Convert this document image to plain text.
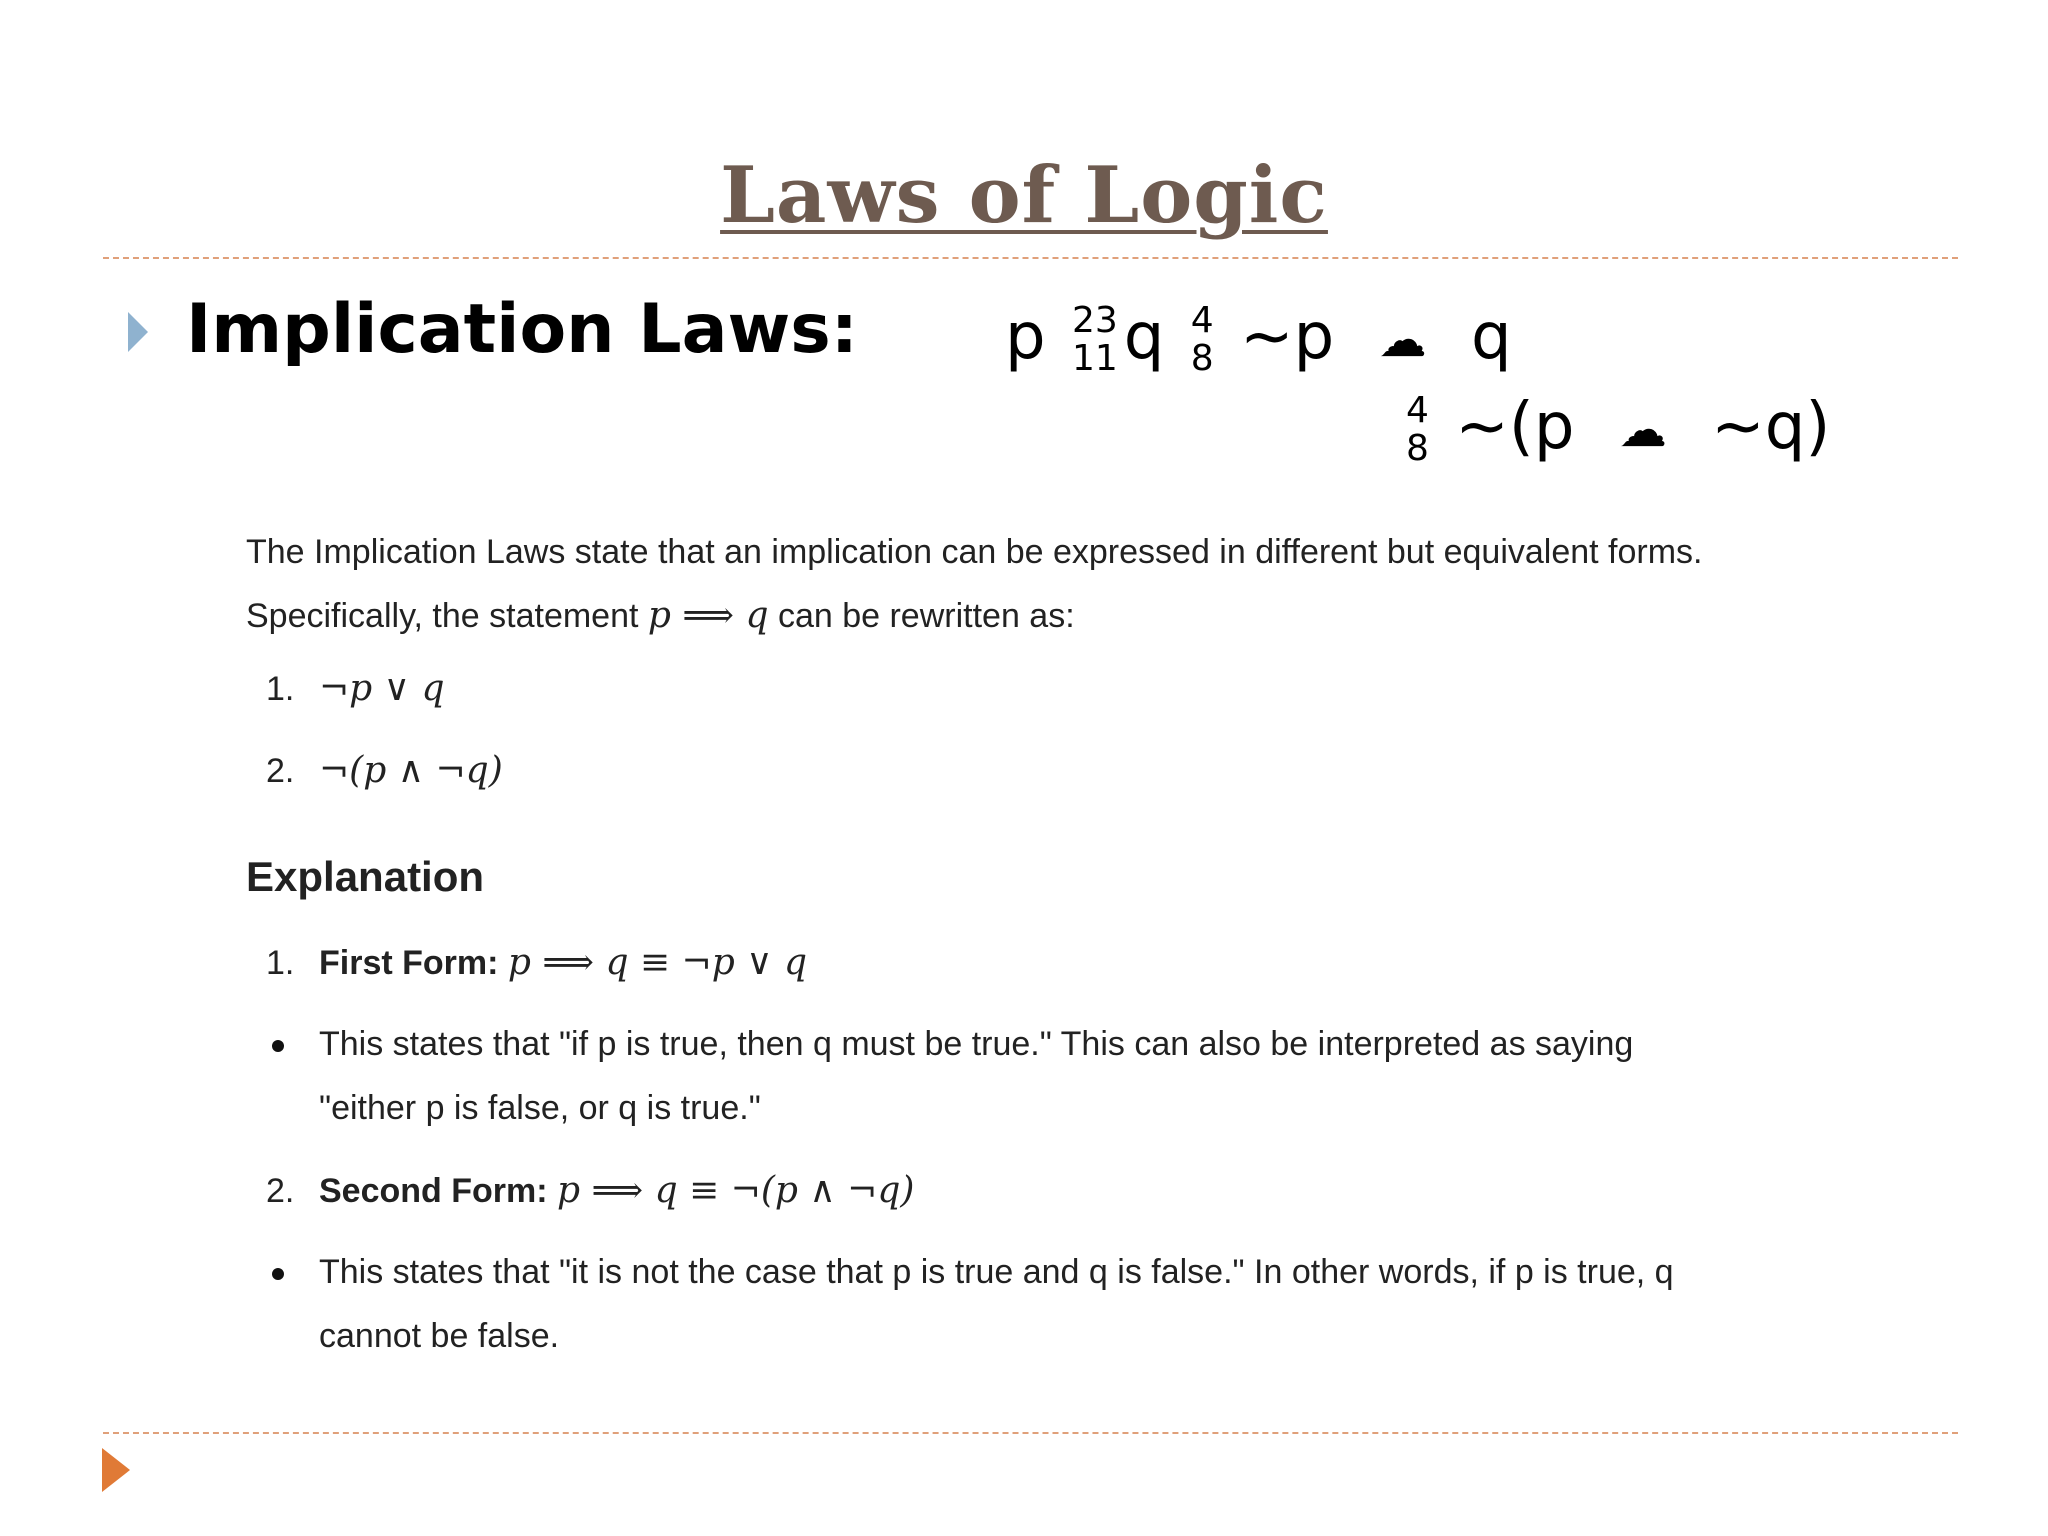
Laws of Logic
Implication Laws: p 23
11 q 4
8 ~p ☁ q
4
8 ~(p ☁ ~q)

The Implication Laws state that an implication can be expressed in different but equivalent forms.

Specifically, the statement p ⟹ q can be rewritten as:

1. ¬p ∨ q
2. ¬(p ∧ ¬q)
Explanation
1. First Form: p ⟹ q ≡ ¬p ∨ q
This states that "if p is true, then q must be true." This can also be interpreted as saying
"either p is false, or q is true."
2. Second Form: p ⟹ q ≡ ¬(p ∧ ¬q)
This states that "it is not the case that p is true and q is false." In other words, if p is true, q
cannot be false.
